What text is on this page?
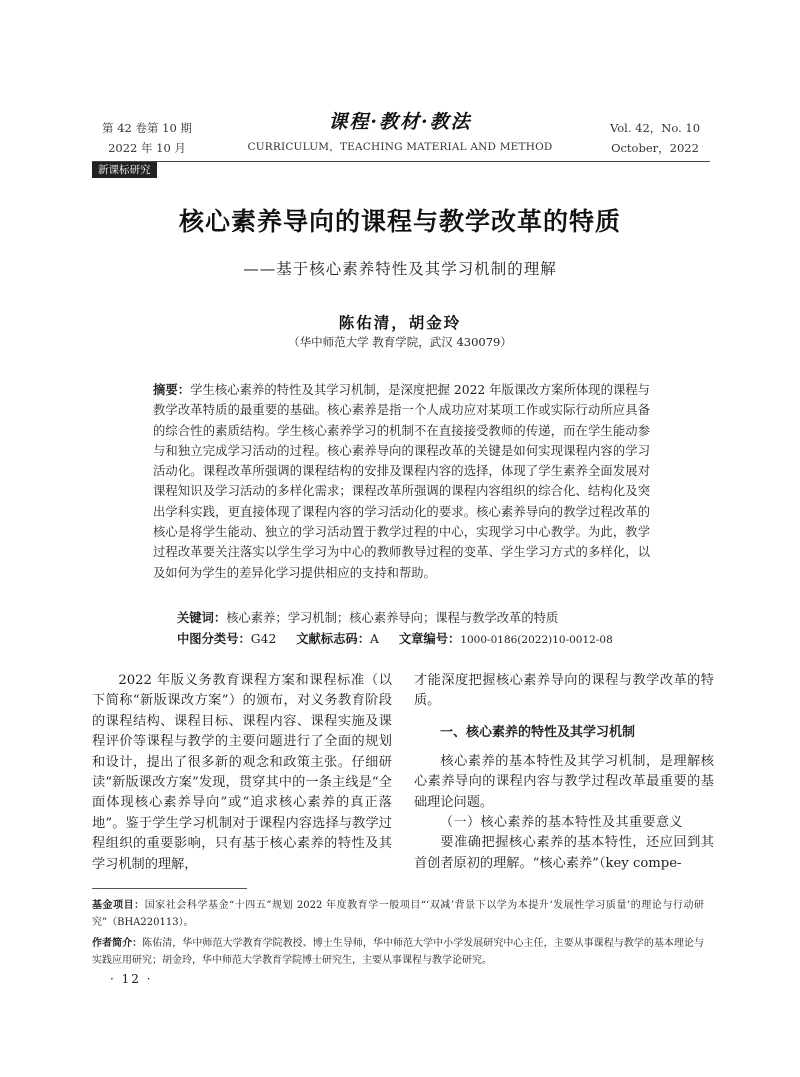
第 42 卷第 10 期
2022 年 10 月
课程·教材·教法
CURRICULUM，TEACHING MATERIAL AND METHOD
Vol. 42，No. 10
October，2022
新课标研究
核心素养导向的课程与教学改革的特质
——基于核心素养特性及其学习机制的理解
陈佑清，胡金玲
（华中师范大学 教育学院，武汉 430079）
摘要：学生核心素养的特性及其学习机制，是深度把握 2022 年版课改方案所体现的课程与教学改革特质的最重要的基础。核心素养是指一个人成功应对某项工作或实际行动所应具备的综合性的素质结构。学生核心素养学习的机制不在直接接受教师的传递，而在学生能动参与和独立完成学习活动的过程。核心素养导向的课程改革的关键是如何实现课程内容的学习活动化。课程改革所强调的课程结构的安排及课程内容的选择，体现了学生素养全面发展对课程知识及学习活动的多样化需求；课程改革所强调的课程内容组织的综合化、结构化及突出学科实践，更直接体现了课程内容的学习活动化的要求。核心素养导向的教学过程改革的核心是将学生能动、独立的学习活动置于教学过程的中心，实现学习中心教学。为此，教学过程改革要关注落实以学生学习为中心的教师教导过程的变革、学生学习方式的多样化，以及如何为学生的差异化学习提供相应的支持和帮助。
关键词：核心素养；学习机制；核心素养导向；课程与教学改革的特质
中图分类号：G42 文献标志码：A 文章编号：1000-0186(2022)10-0012-08

2022 年版义务教育课程方案和课程标准（以下简称“新版课改方案”）的颁布，对义务教育阶段的课程结构、课程目标、课程内容、课程实施及课程评价等课程与教学的主要问题进行了全面的规划和设计，提出了很多新的观念和政策主张。仔细研读“新版课改方案”发现，贯穿其中的一条主线是“全面体现核心素养导向”或“追求核心素养的真正落地”。鉴于学生学习机制对于课程内容选择与教学过程组织的重要影响，只有基于核心素养的特性及其学习机制的理解，

才能深度把握核心素养导向的课程与教学改革的特质。

一、核心素养的特性及其学习机制

核心素养的基本特性及其学习机制，是理解核心素养导向的课程内容与教学过程改革最重要的基础理论问题。

（一）核心素养的基本特性及其重要意义

要准确把握核心素养的基本特性，还应回到其首创者原初的理解。“核心素养”（key compe-

基金项目：国家社会科学基金“十四五”规划 2022 年度教育学一般项目“‘双减’背景下以学为本提升‘发展性学习质量’的理论与行动研究”（BHA220113）。
作者简介：陈佑清，华中师范大学教育学院教授、博士生导师，华中师范大学中小学发展研究中心主任，主要从事课程与教学的基本理论与实践应用研究；胡金玲，华中师范大学教育学院博士研究生，主要从事课程与教学论研究。
· 12 ·
